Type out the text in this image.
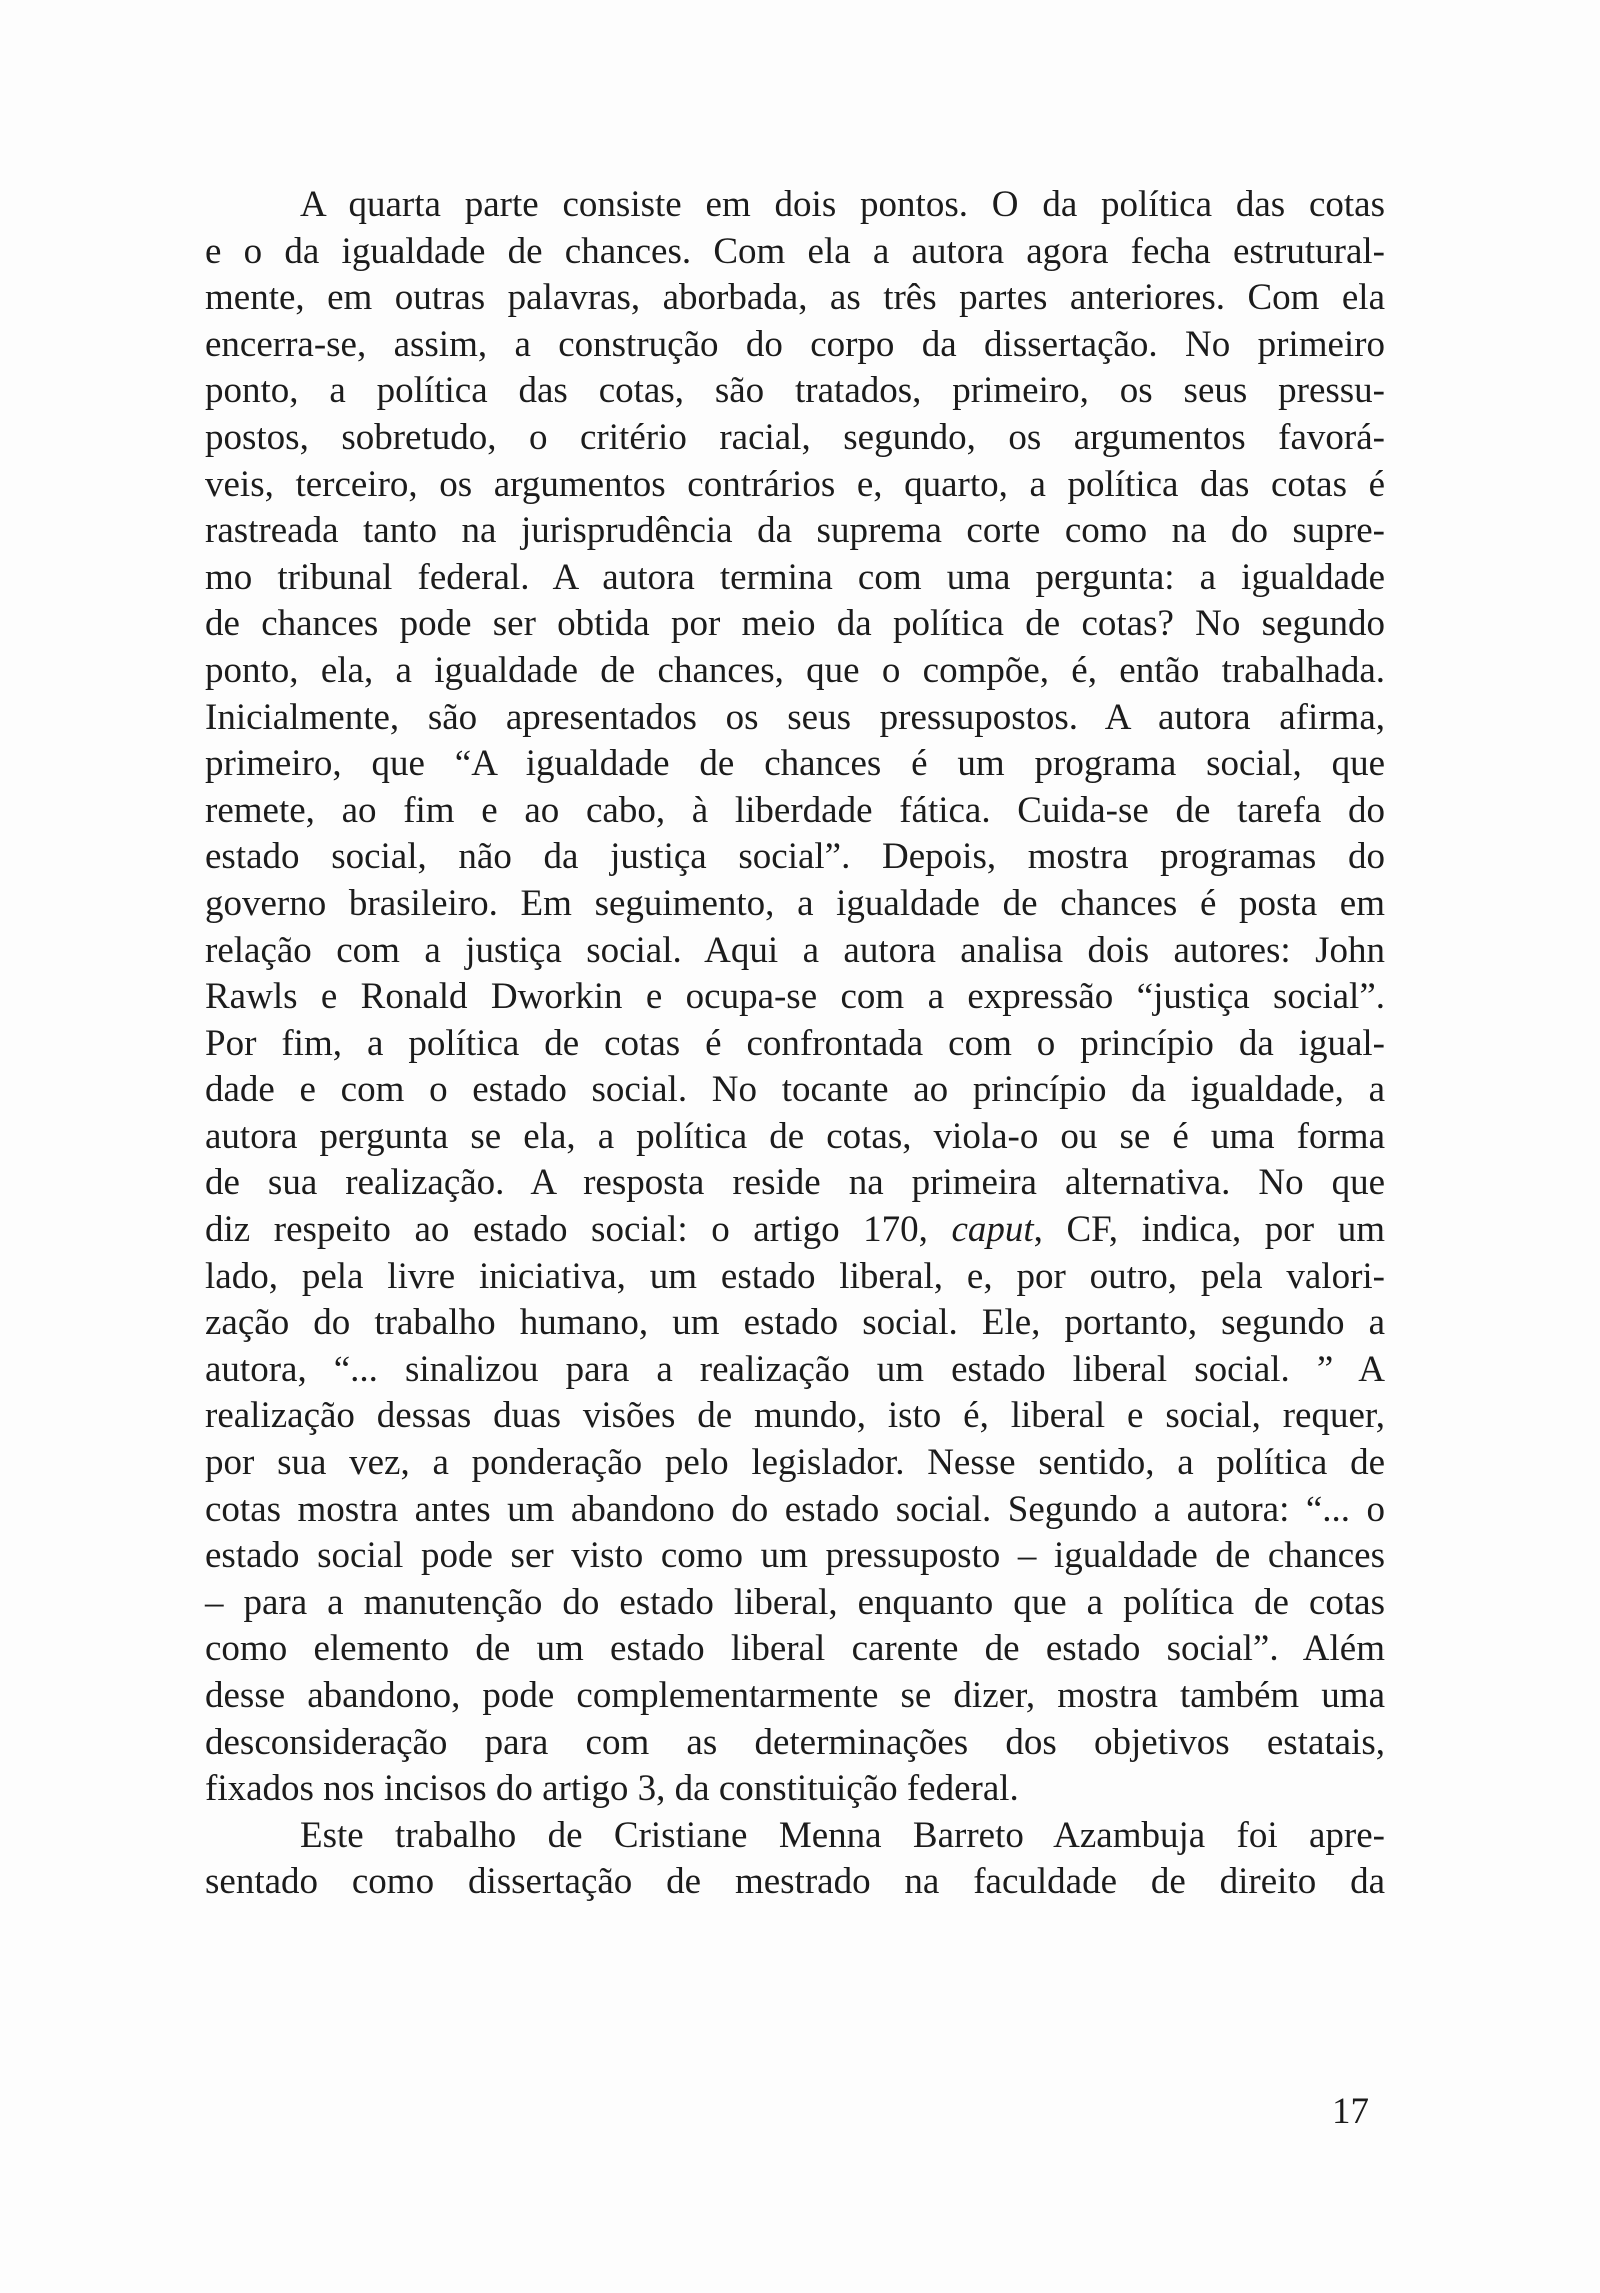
A quarta parte consiste em dois pontos. O da política das cotas
e o da igualdade de chances. Com ela a autora agora fecha estrutural-
mente, em outras palavras, aborbada, as três partes anteriores. Com ela
encerra-se, assim, a construção do corpo da dissertação. No primeiro
ponto, a política das cotas, são tratados, primeiro, os seus pressu-
postos, sobretudo, o critério racial, segundo, os argumentos favorá-
veis, terceiro, os argumentos contrários e, quarto, a política das cotas é
rastreada tanto na jurisprudência da suprema corte como na do supre-
mo tribunal federal. A autora termina com uma pergunta: a igualdade
de chances pode ser obtida por meio da política de cotas? No segundo
ponto, ela, a igualdade de chances, que o compõe, é, então trabalhada.
Inicialmente, são apresentados os seus pressupostos. A autora afirma,
primeiro, que “A igualdade de chances é um programa social, que
remete, ao fim e ao cabo, à liberdade fática. Cuida-se de tarefa do
estado social, não da justiça social”. Depois, mostra programas do
governo brasileiro. Em seguimento, a igualdade de chances é posta em
relação com a justiça social. Aqui a autora analisa dois autores: John
Rawls e Ronald Dworkin e ocupa-se com a expressão “justiça social”.
Por fim, a política de cotas é confrontada com o princípio da igual-
dade e com o estado social. No tocante ao princípio da igualdade, a
autora pergunta se ela, a política de cotas, viola-o ou se é uma forma
de sua realização. A resposta reside na primeira alternativa. No que
diz respeito ao estado social: o artigo 170, caput, CF, indica, por um
lado, pela livre iniciativa, um estado liberal, e, por outro, pela valori-
zação do trabalho humano, um estado social. Ele, portanto, segundo a
autora, “... sinalizou para a realização um estado liberal social. ” A
realização dessas duas visões de mundo, isto é, liberal e social, requer,
por sua vez, a ponderação pelo legislador. Nesse sentido, a política de
cotas mostra antes um abandono do estado social. Segundo a autora: “... o
estado social pode ser visto como um pressuposto – igualdade de chances
– para a manutenção do estado liberal, enquanto que a política de cotas
como elemento de um estado liberal carente de estado social”. Além
desse abandono, pode complementarmente se dizer, mostra também uma
desconsideração para com as determinações dos objetivos estatais,
fixados nos incisos do artigo 3, da constituição federal.
Este trabalho de Cristiane Menna Barreto Azambuja foi apre-
sentado como dissertação de mestrado na faculdade de direito da
17
